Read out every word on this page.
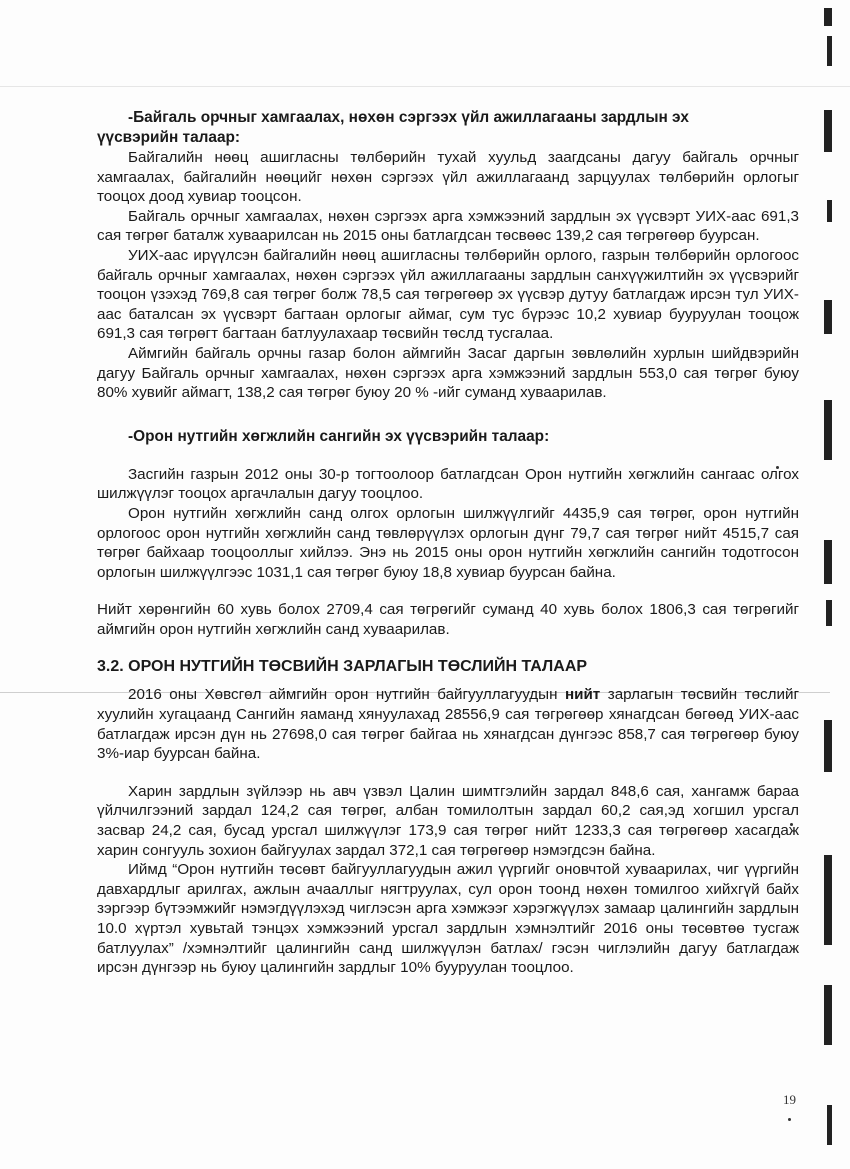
-Байгаль орчныг хамгаалах, нөхөн сэргээх үйл ажиллагааны зардлын эх

үүсвэрийн талаар:

Байгалийн нөөц ашигласны төлбөрийн тухай хуульд заагдсаны дагуу байгаль орчныг хамгаалах, байгалийн нөөцийг нөхөн сэргээх үйл ажиллагаанд зарцуулах төлбөрийн орлогыг тооцох доод хувиар тооцсон.

Байгаль орчныг хамгаалах, нөхөн сэргээх арга хэмжээний зардлын эх үүсвэрт УИХ-аас 691,3 сая төгрөг баталж хуваарилсан нь 2015 оны батлагдсан төсвөөс 139,2 сая төгрөгөөр буурсан.

УИХ-аас ирүүлсэн байгалийн нөөц ашигласны төлбөрийн орлого, газрын төлбөрийн орлогоос байгаль орчныг хамгаалах, нөхөн сэргээх үйл ажиллагааны зардлын санхүүжилтийн эх үүсвэрийг тооцон үзэхэд 769,8 сая төгрөг болж 78,5 сая төгрөгөөр эх үүсвэр дутуу батлагдаж ирсэн тул УИХ-аас баталсан эх үүсвэрт багтаан орлогыг аймаг, сум тус бүрээс 10,2 хувиар бууруулан тооцож 691,3 сая төгрөгт багтаан батлуулахаар төсвийн төслд тусгалаа.

Аймгийн байгаль орчны газар болон аймгийн Засаг даргын зөвлөлийн хурлын шийдвэрийн дагуу Байгаль орчныг хамгаалах, нөхөн сэргээх арга хэмжээний зардлын 553,0 сая төгрөг буюу 80% хувийг аймагт, 138,2 сая төгрөг буюу 20 % -ийг суманд хуваарилав.

-Орон нутгийн хөгжлийн сангийн эх үүсвэрийн талаар:

Засгийн газрын 2012 оны 30-р тогтоолоор батлагдсан Орон нутгийн хөгжлийн сангаас олгох шилжүүлэг тооцох аргачлалын дагуу тооцлоо.

Орон нутгийн хөгжлийн санд олгох орлогын шилжүүлгийг 4435,9 сая төгрөг, орон нутгийн орлогоос орон нутгийн хөгжлийн санд төвлөрүүлэх орлогын дүнг 79,7 сая төгрөг нийт 4515,7 сая төгрөг байхаар тооцооллыг хийлээ. Энэ нь 2015 оны орон нутгийн хөгжлийн сангийн тодотгосон орлогын шилжүүлгээс 1031,1 сая төгрөг буюу 18,8 хувиар буурсан байна.

Нийт хөрөнгийн 60 хувь болох 2709,4 сая төгрөгийг суманд 40 хувь болох 1806,3 сая төгрөгийг аймгийн орон нутгийн хөгжлийн санд хуваарилав.

3.2. ОРОН НУТГИЙН ТӨСВИЙН ЗАРЛАГЫН ТӨСЛИЙН ТАЛААР

2016 оны Хөвсгөл аймгийн орон нутгийн байгууллагуудын нийт зарлагын төсвийн төслийг хуулийн хугацаанд Сангийн яаманд хянуулахад 28556,9 сая төгрөгөөр хянагдсан бөгөөд УИХ-аас батлагдаж ирсэн дүн нь 27698,0 сая төгрөг байгаа нь хянагдсан дүнгээс 858,7 сая төгрөгөөр буюу 3%-иар буурсан байна.

Харин зардлын зүйлээр нь авч үзвэл Цалин шимтгэлийн зардал 848,6 сая, хангамж бараа үйлчилгээний зардал 124,2 сая төгрөг, албан томилолтын зардал 60,2 сая,эд хогшил урсгал засвар 24,2 сая, бусад урсгал шилжүүлэг 173,9 сая төгрөг нийт 1233,3 сая төгрөгөөр хасагдаж харин сонгууль зохион байгуулах зардал 372,1 сая төгрөгөөр нэмэгдсэн байна.

Иймд “Орон нутгийн төсөвт байгууллагуудын ажил үүргийг оновчтой хуваарилах, чиг үүргийн давхардлыг арилгах, ажлын ачааллыг нягтруулах, сул орон тоонд нөхөн томилгоо хийхгүй байх зэргээр бүтээмжийг нэмэгдүүлэхэд чиглэсэн арга хэмжээг хэрэгжүүлэх замаар цалингийн зардлын 10.0 хүртэл хувьтай тэнцэх хэмжээний урсгал зардлын хэмнэлтийг 2016 оны төсөвтөө тусгаж батлуулах” /хэмнэлтийг цалингийн санд шилжүүлэн батлах/ гэсэн чиглэлийн дагуу батлагдаж ирсэн дүнгээр нь буюу цалингийн зардлыг 10% бууруулан тооцлоо.

19
